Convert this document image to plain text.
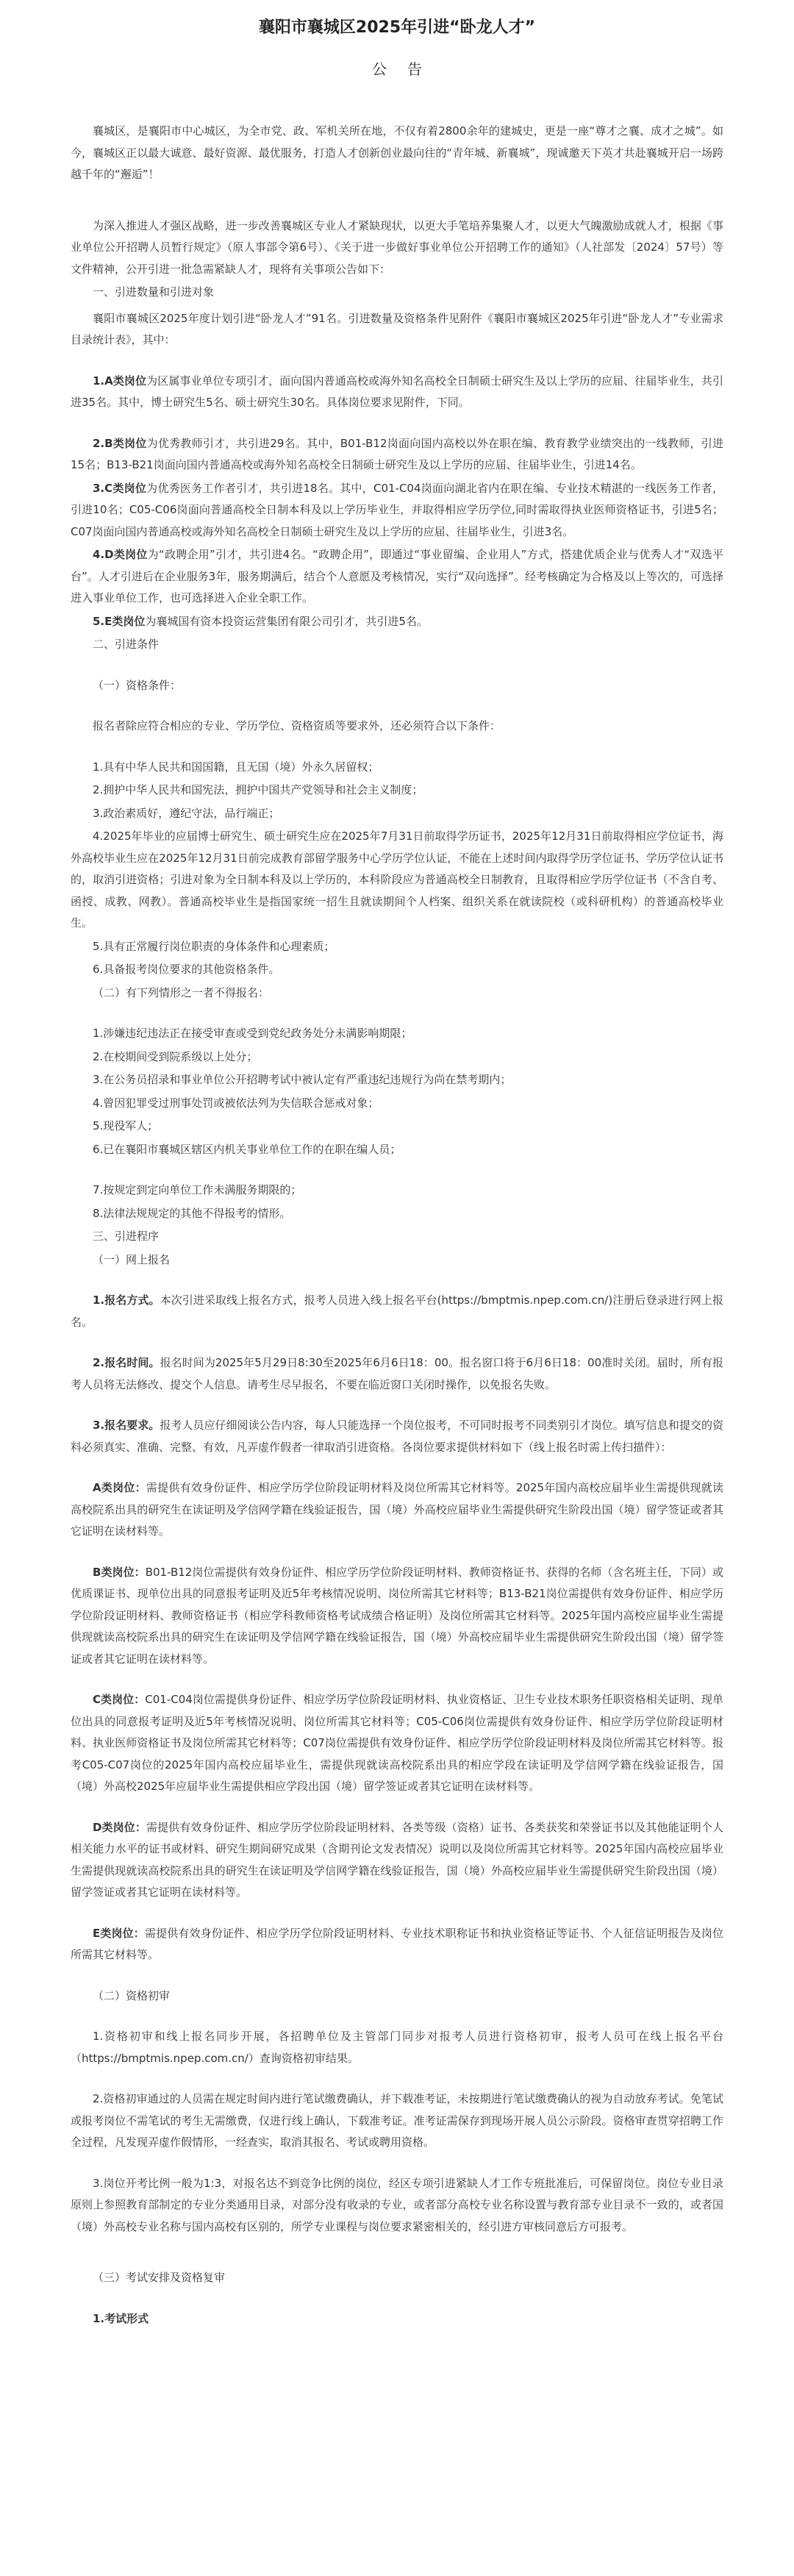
襄阳市襄城区2025年引进“卧龙人才”
公告

襄城区，是襄阳市中心城区，为全市党、政、军机关所在地，不仅有着2800余年的建城史，更是一座“尊才之襄、成才之城”。如今，襄城区正以最大诚意、最好资源、最优服务，打造人才创新创业最向往的“青年城、新襄城”，现诚邀天下英才共赴襄城开启一场跨越千年的“邂逅”！

为深入推进人才强区战略，进一步改善襄城区专业人才紧缺现状，以更大手笔培养集聚人才，以更大气魄激励成就人才，根据《事业单位公开招聘人员暂行规定》（原人事部令第6号）、《关于进一步做好事业单位公开招聘工作的通知》（人社部发〔2024〕57号）等文件精神，公开引进一批急需紧缺人才，现将有关事项公告如下：

一、引进数量和引进对象

襄阳市襄城区2025年度计划引进“卧龙人才”91名。引进数量及资格条件见附件《襄阳市襄城区2025年引进“卧龙人才”专业需求目录统计表》，其中：

1.A类岗位为区属事业单位专项引才，面向国内普通高校或海外知名高校全日制硕士研究生及以上学历的应届、往届毕业生，共引进35名。其中，博士研究生5名、硕士研究生30名。具体岗位要求见附件，下同。

2.B类岗位为优秀教师引才，共引进29名。其中，B01-B12岗面向国内高校以外在职在编、教育教学业绩突出的一线教师，引进15名；B13-B21岗面向国内普通高校或海外知名高校全日制硕士研究生及以上学历的应届、往届毕业生，引进14名。

3.C类岗位为优秀医务工作者引才，共引进18名。其中，C01-C04岗面向湖北省内在职在编、专业技术精湛的一线医务工作者，引进10名；C05-C06岗面向普通高校全日制本科及以上学历毕业生，并取得相应学历学位,同时需取得执业医师资格证书，引进5名；C07岗面向国内普通高校或海外知名高校全日制硕士研究生及以上学历的应届、往届毕业生，引进3名。

4.D类岗位为“政聘企用”引才，共引进4名。“政聘企用”，即通过“事业留编、企业用人”方式，搭建优质企业与优秀人才“双选平台”。人才引进后在企业服务3年，服务期满后，结合个人意愿及考核情况，实行“双向选择”。经考核确定为合格及以上等次的，可选择进入事业单位工作，也可选择进入企业全职工作。

5.E类岗位为襄城国有资本投资运营集团有限公司引才，共引进5名。

二、引进条件

（一）资格条件：

报名者除应符合相应的专业、学历学位、资格资质等要求外，还必须符合以下条件：

1.具有中华人民共和国国籍，且无国（境）外永久居留权；

2.拥护中华人民共和国宪法，拥护中国共产党领导和社会主义制度；

3.政治素质好，遵纪守法，品行端正；

4.2025年毕业的应届博士研究生、硕士研究生应在2025年7月31日前取得学历证书，2025年12月31日前取得相应学位证书，海外高校毕业生应在2025年12月31日前完成教育部留学服务中心学历学位认证，不能在上述时间内取得学历学位证书、学历学位认证书的，取消引进资格；引进对象为全日制本科及以上学历的，本科阶段应为普通高校全日制教育，且取得相应学历学位证书（不含自考、函授、成教、网教）。普通高校毕业生是指国家统一招生且就读期间个人档案、组织关系在就读院校（或科研机构）的普通高校毕业生。

5.具有正常履行岗位职责的身体条件和心理素质；

6.具备报考岗位要求的其他资格条件。

（二）有下列情形之一者不得报名：

1.涉嫌违纪违法正在接受审查或受到党纪政务处分未满影响期限；

2.在校期间受到院系级以上处分；

3.在公务员招录和事业单位公开招聘考试中被认定有严重违纪违规行为尚在禁考期内；

4.曾因犯罪受过刑事处罚或被依法列为失信联合惩戒对象；

5.现役军人；

6.已在襄阳市襄城区辖区内机关事业单位工作的在职在编人员；

7.按规定到定向单位工作未满服务期限的；

8.法律法规规定的其他不得报考的情形。

三、引进程序

（一）网上报名

1.报名方式。本次引进采取线上报名方式，报考人员进入线上报名平台(https://bmptmis.npep.com.cn/)注册后登录进行网上报名。

2.报名时间。报名时间为2025年5月29日8:30至2025年6月6日18：00。报名窗口将于6月6日18：00准时关闭。届时，所有报考人员将无法修改、提交个人信息。请考生尽早报名，不要在临近窗口关闭时操作，以免报名失败。

3.报名要求。报考人员应仔细阅读公告内容，每人只能选择一个岗位报考，不可同时报考不同类别引才岗位。填写信息和提交的资料必须真实、准确、完整、有效，凡弄虚作假者一律取消引进资格。各岗位要求提供材料如下（线上报名时需上传扫描件）：

A类岗位：需提供有效身份证件、相应学历学位阶段证明材料及岗位所需其它材料等。2025年国内高校应届毕业生需提供现就读高校院系出具的研究生在读证明及学信网学籍在线验证报告，国（境）外高校应届毕业生需提供研究生阶段出国（境）留学签证或者其它证明在读材料等。

B类岗位：B01-B12岗位需提供有效身份证件、相应学历学位阶段证明材料、教师资格证书、获得的名师（含名班主任，下同）或优质课证书、现单位出具的同意报考证明及近5年考核情况说明、岗位所需其它材料等；B13-B21岗位需提供有效身份证件、相应学历学位阶段证明材料、教师资格证书（相应学科教师资格考试成绩合格证明）及岗位所需其它材料等。2025年国内高校应届毕业生需提供现就读高校院系出具的研究生在读证明及学信网学籍在线验证报告，国（境）外高校应届毕业生需提供研究生阶段出国（境）留学签证或者其它证明在读材料等。

C类岗位：C01-C04岗位需提供身份证件、相应学历学位阶段证明材料、执业资格证、卫生专业技术职务任职资格相关证明、现单位出具的同意报考证明及近5年考核情况说明、岗位所需其它材料等；C05-C06岗位需提供有效身份证件、相应学历学位阶段证明材料、执业医师资格证书及岗位所需其它材料等；C07岗位需提供有效身份证件、相应学历学位阶段证明材料及岗位所需其它材料等。报考C05-C07岗位的2025年国内高校应届毕业生，需提供现就读高校院系出具的相应学段在读证明及学信网学籍在线验证报告，国（境）外高校2025年应届毕业生需提供相应学段出国（境）留学签证或者其它证明在读材料等。

D类岗位：需提供有效身份证件、相应学历学位阶段证明材料、各类等级（资格）证书、各类获奖和荣誉证书以及其他能证明个人相关能力水平的证书或材料、研究生期间研究成果（含期刊论文发表情况）说明以及岗位所需其它材料等。2025年国内高校应届毕业生需提供现就读高校院系出具的研究生在读证明及学信网学籍在线验证报告，国（境）外高校应届毕业生需提供研究生阶段出国（境）留学签证或者其它证明在读材料等。

E类岗位：需提供有效身份证件、相应学历学位阶段证明材料、专业技术职称证书和执业资格证等证书、个人征信证明报告及岗位所需其它材料等。

（二）资格初审

1.资格初审和线上报名同步开展，各招聘单位及主管部门同步对报考人员进行资格初审，报考人员可在线上报名平台（https://bmptmis.npep.com.cn/）查询资格初审结果。

2.资格初审通过的人员需在规定时间内进行笔试缴费确认，并下载准考证，未按期进行笔试缴费确认的视为自动放弃考试。免笔试或报考岗位不需笔试的考生无需缴费，仅进行线上确认，下载准考证。准考证需保存到现场开展人员公示阶段。资格审查贯穿招聘工作全过程，凡发现弄虚作假情形，一经查实，取消其报名、考试或聘用资格。

3.岗位开考比例一般为1:3，对报名达不到竞争比例的岗位，经区专项引进紧缺人才工作专班批准后，可保留岗位。岗位专业目录原则上参照教育部制定的专业分类通用目录，对部分没有收录的专业，或者部分高校专业名称设置与教育部专业目录不一致的，或者国（境）外高校专业名称与国内高校有区别的，所学专业课程与岗位要求紧密相关的，经引进方审核同意后方可报考。

（三）考试安排及资格复审

1.考试形式
